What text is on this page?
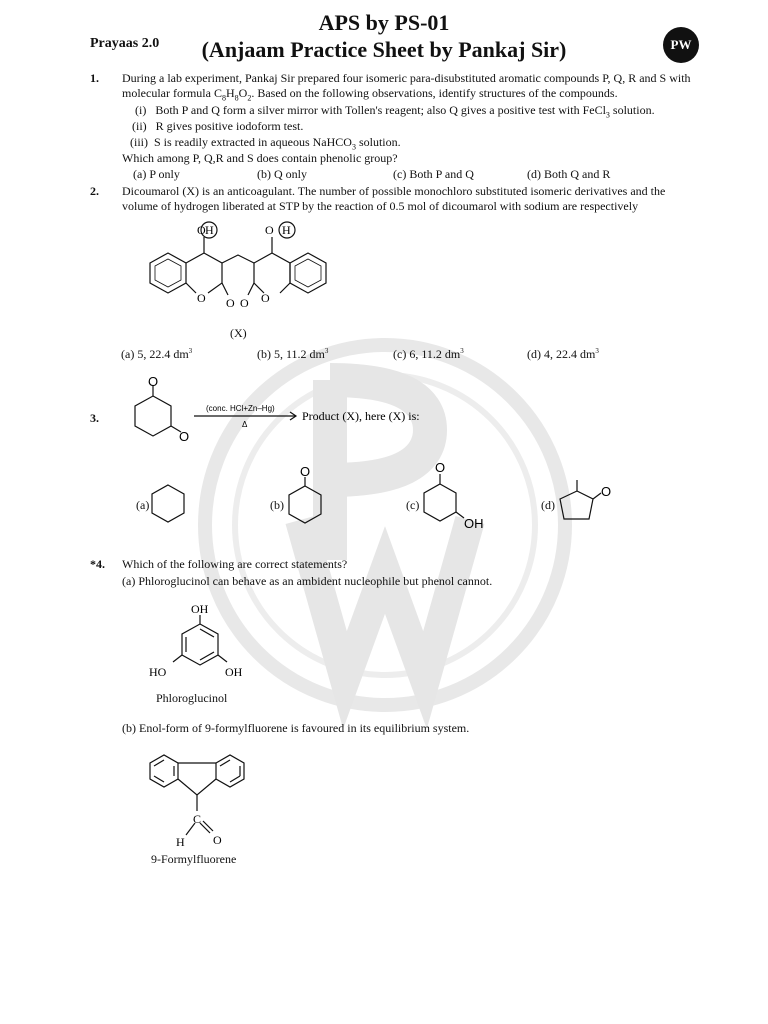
Prayaas 2.0
APS by PS-01
(Anjaam Practice Sheet by Pankaj Sir)	PW
1. During a lab experiment, Pankaj Sir prepared four isomeric para-disubstituted aromatic compounds P, Q, R and S with
molecular formula $C_8H_8O_2$. Based on the following observations, identify structures of the compounds.
(i) Both P and Q form a silver mirror with Tollen's reagent; also Q gives a positive test with FeCl$_3$ solution.
(ii) R gives positive iodoform test.
(iii) S is readily extracted in aqueous NaHCO$_3$ solution.
Which among P, Q,R and S does contain phenolic group?
(a) P only	(b) Q only	(c) Both P and Q	(d) Both Q and R
2. Dicoumarol (X) is an anticoagulant. The number of possible monochloro substituted isomeric derivatives and the
volume of hydrogen liberated at STP by the reaction of 0.5 mol of dicoumarol with sodium are respectively
O H	O H
O O O O
(X)
(a) 5, 22.4 $dm^3$	(b) 5, 11.2 $dm^3$	(c) 6, 11.2 $dm^3$	(d) 4, 22.4 $dm^3$
3.
O
O
(conc. HCl+Zn–Hg)
Δ
Product (X), here (X) is:
(a)	(b)
O
(c)
O
OH
(d)
O
*4. Which of the following are correct statements?
(a) Phloroglucinol can behave as an ambident nucleophile but phenol cannot.
OH
HO	OH
Phloroglucinol
(b) Enol-form of 9-formylfluorene is favoured in its equilibrium system.
C
H O
9-Formylfluorene
